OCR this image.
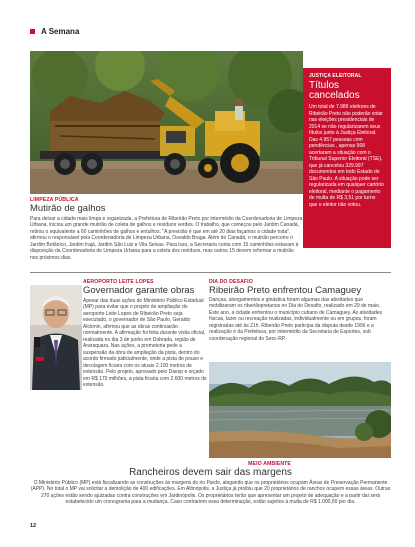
A Semana
Foto: Arquivo Jornal JUSTIÇA ELEITORAL
Títulos cancelados
Um total de 7.989 eleitores de Ribeirão Preto não poderão votar nas eleições presidenciais de 2014 se não regularizarem seus títulos junto à Justiça Eleitoral. Das 4.957 pessoas com pendências , apenas 968 acertaram a situação com o Tribunal Superior Eleitoral (TSE), que já cancelou 329.997 documentos em todo Estado de São Paulo. A situação pode ser regularizada em qualquer cartório eleitoral, mediante o pagamento de multa de R$ 3,51 por turno que o eleitor não votou.
LIMPEZA PÚBLICA
Mutirão de galhos
Para deixar a cidade mais limpa e organizada, a Prefeitura de Ribeirão Preto por intermédio da Coordenadoria de Limpeza Urbana, iniciou um grande mutirão de coleta de galhos e resíduos verdes. O trabalho, que começou pelo Jardim Canadá, retirou o equivalente a 60 caminhões de galhos e entulhos. "A previsão é que em até 20 dias façamos a cidade toda", afirmou o responsável pela Coordenadoria de Limpeza Urbana, Osvaldo Braga. Além do Canadá, o mutirão percorre o Jardim Botânico, Jardim Irajá, Jardim São Luiz e Vila Seixas. Para isso, a Secretaria conta com 15 caminhões estavam à disposição da Coordenadoria de Limpeza Urbana para a coleta dos resíduos, mas outros 15 devem reformar a mutirão nos próximos dias.
AEROPORTO LEITE LOPES
Governador garante obras
Apesar das duas ações do Ministério Público Estadual (MP) para evitar que o projeto de ampliação do aeroporto Leite Lopes de Ribeirão Preto seja executado, o governador de São Paulo, Geraldo Alckmin, afirmou que as obras continuarão normalmente. A afirmação foi feita durante visita oficial, realizada no dia 3 de junho em Dobrada, região de Araraquara. Nas ações, a promotoria pede a suspensão da obra de ampliação da pista, dentro do acordo firmado judicialmente, onde a pista de pouso e decolagem ficaria com os atuais 2.100 metros de extensão. Pelo projeto, aprovado pelo Daesp e orçado em R$ 170 milhões, a pista ficaria com 2.600 metros de extensão.
DIA DO DESAFIO
Ribeirão Preto enfrentou Camaguey
Danças, alongamentos e ginástica foram algumas das atividades que mobilizaram os ribeirãopretanos no Dia do Desafio, realizado em 29 de maio. Este ano, a cidade enfrentou o município cubano de Camaguey. As atividades físicas, lazer ou recreação realizadas, individualmente ou em grupos, foram registradas até às 21h. Ribeirão Preto participa da disputa desde 1996 e a realização é da Prefeitura, por intermédio da Secretaria de Esportes, sob coordenação regional do Sesc-RP.
MEIO AMBIENTE
Rancheiros devem sair das margens
O Ministério Público (MP) está fiscalizando as construções às margens do rio Pardo, alegando que os proprietários ocupam Áreas de Preservação Permanente (APP). No total o MP vai solicitar a demolição de 400 edificações. Em Altinópolis, a Justiça já proibiu que 20 proprietários de ranchos ocupem essas áreas. Outras 270 ações estão sendo ajuizadas contra construções em Jardinópolis. Os proprietários terão que apresentar um projeto de adequação e a partir daí será estabelecido um cronograma para a mudança. Caso contrariem essa determinação, estão sujeitos à multa de R$ 1.000,00 por dia.
12
